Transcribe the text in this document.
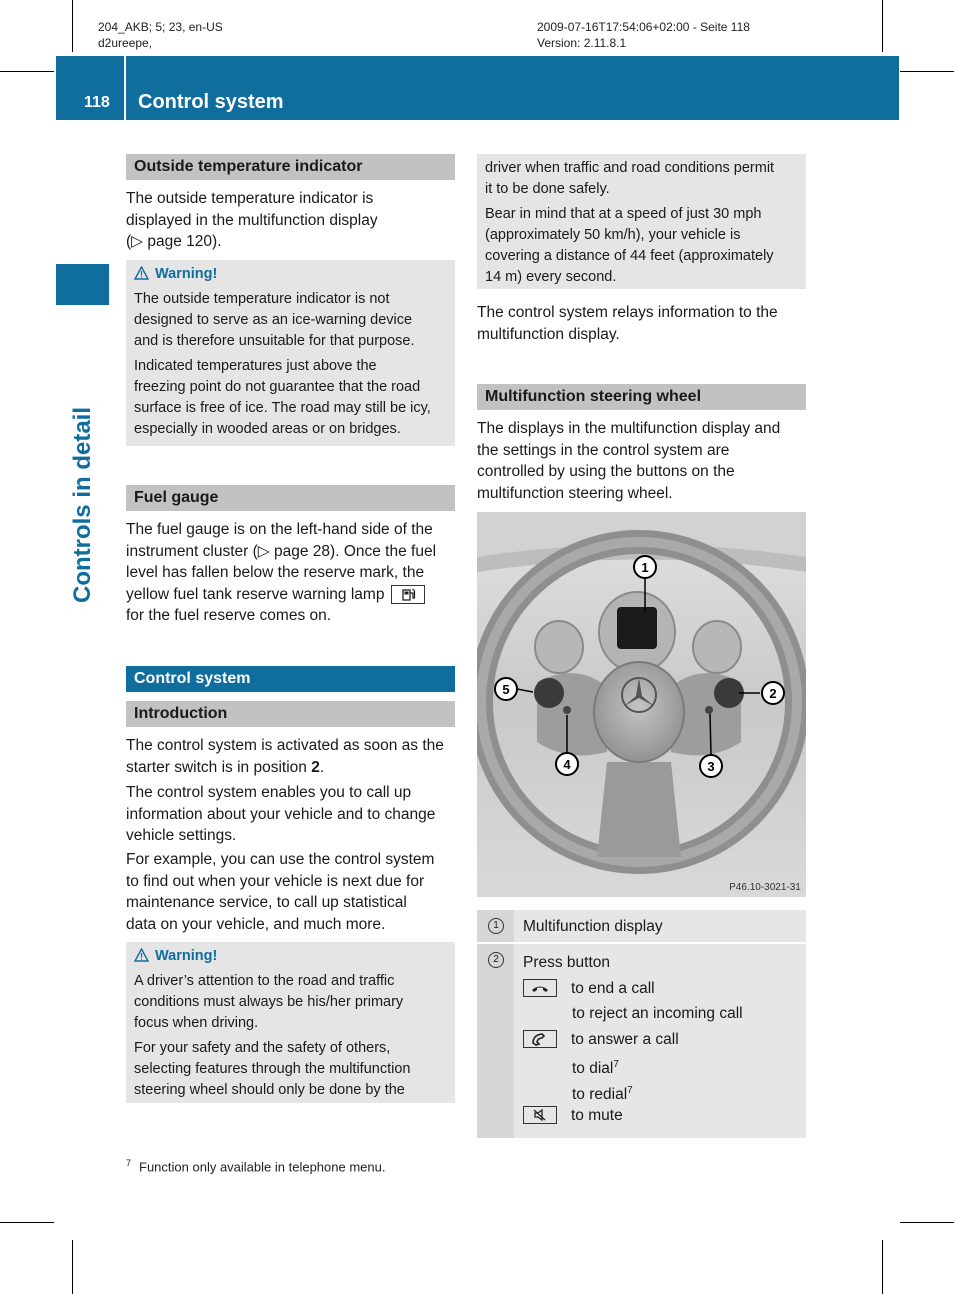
204_AKB; 5; 23, en-US
d2ureepe,
2009-07-16T17:54:06+02:00 - Seite 118
Version: 2.11.8.1
118 Control system
Controls in detail
Outside temperature indicator
The outside temperature indicator is
displayed in the multifunction display
(▷ page 120).
Warning!
The outside temperature indicator is not
designed to serve as an ice-warning device
and is therefore unsuitable for that purpose.
Indicated temperatures just above the
freezing point do not guarantee that the road
surface is free of ice. The road may still be icy,
especially in wooded areas or on bridges.
Fuel gauge
The fuel gauge is on the left-hand side of the
instrument cluster (▷ page 28). Once the fuel
level has fallen below the reserve mark, the
yellow fuel tank reserve warning lamp
for the fuel reserve comes on.
Control system
Introduction
The control system is activated as soon as the
starter switch is in position 2.
The control system enables you to call up
information about your vehicle and to change
vehicle settings.
For example, you can use the control system
to find out when your vehicle is next due for
maintenance service, to call up statistical
data on your vehicle, and much more.
Warning!
A driver’s attention to the road and traffic
conditions must always be his/her primary
focus when driving.
For your safety and the safety of others,
selecting features through the multifunction
steering wheel should only be done by the
driver when traffic and road conditions permit
it to be done safely.
Bear in mind that at a speed of just 30 mph
(approximately 50 km/h), your vehicle is
covering a distance of 44 feet (approximately
14 m) every second.
The control system relays information to the
multifunction display.
Multifunction steering wheel
The displays in the multifunction display and
the settings in the control system are
controlled by using the buttons on the
multifunction steering wheel.
1
2
3
4
5
P46.10-3021-31
1	Multifunction display
2	Press button
to end a call
to reject an incoming call
to answer a call
to dial$^7$
to redial$^7$
to mute
$^7$ Function only available in telephone menu.
